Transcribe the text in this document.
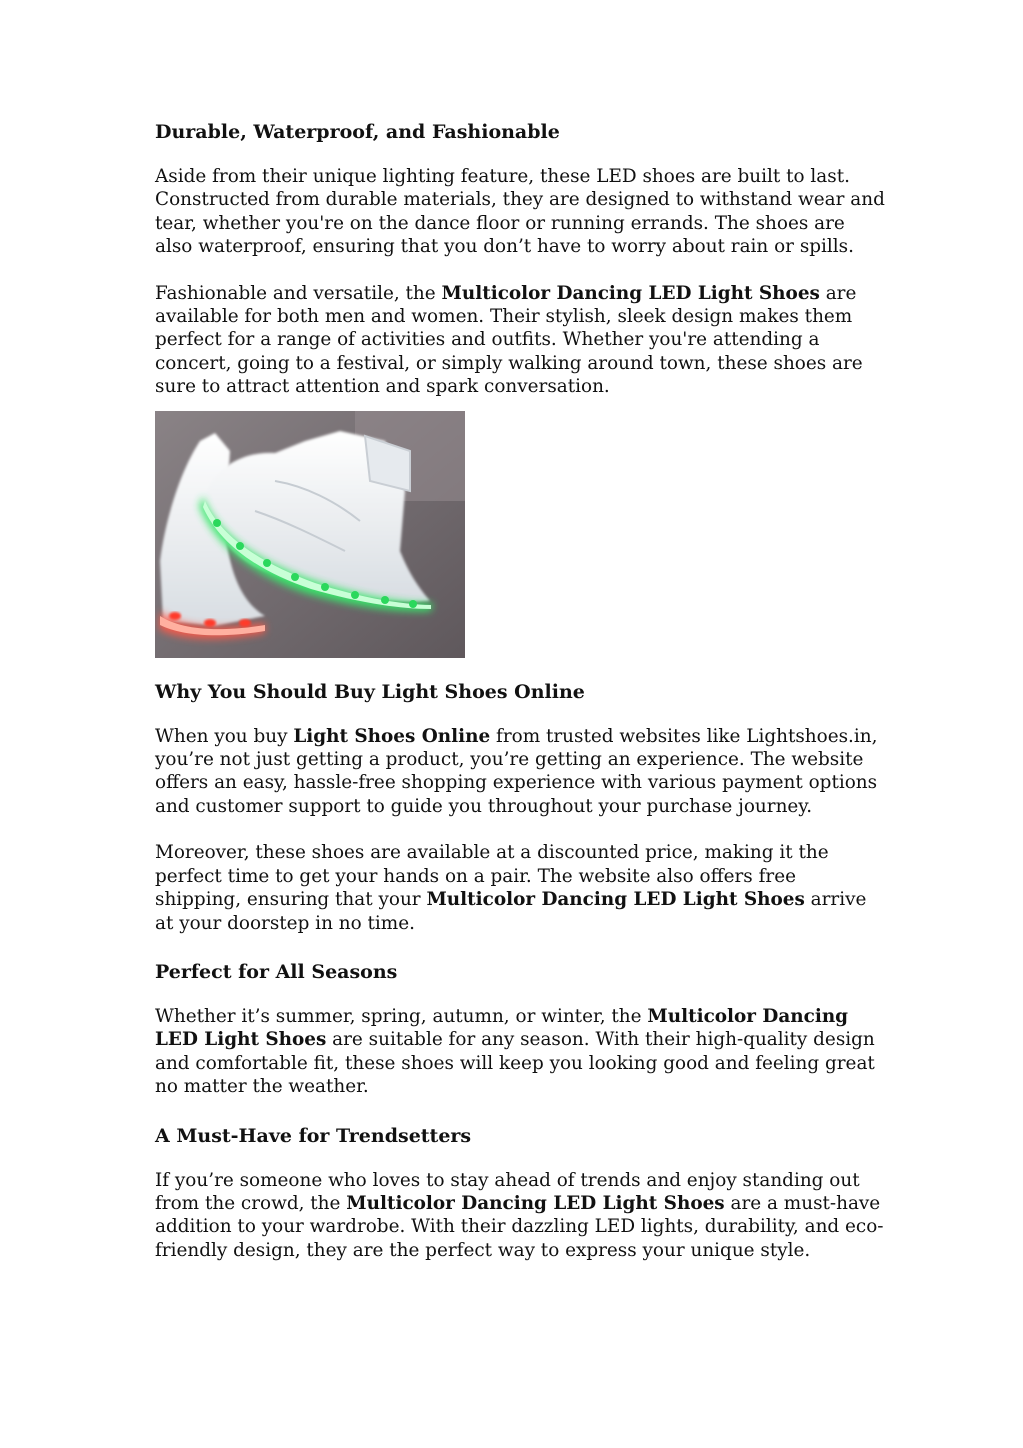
Durable, Waterproof, and Fashionable

Aside from their unique lighting feature, these LED shoes are built to last. Constructed from durable materials, they are designed to withstand wear and tear, whether you're on the dance floor or running errands. The shoes are also waterproof, ensuring that you don’t have to worry about rain or spills.

Fashionable and versatile, the Multicolor Dancing LED Light Shoes are available for both men and women. Their stylish, sleek design makes them perfect for a range of activities and outfits. Whether you're attending a concert, going to a festival, or simply walking around town, these shoes are sure to attract attention and spark conversation.

Why You Should Buy Light Shoes Online

When you buy Light Shoes Online from trusted websites like Lightshoes.in, you’re not just getting a product, you’re getting an experience. The website offers an easy, hassle-free shopping experience with various payment options and customer support to guide you throughout your purchase journey.

Moreover, these shoes are available at a discounted price, making it the perfect time to get your hands on a pair. The website also offers free shipping, ensuring that your Multicolor Dancing LED Light Shoes arrive at your doorstep in no time.

Perfect for All Seasons

Whether it’s summer, spring, autumn, or winter, the Multicolor Dancing LED Light Shoes are suitable for any season. With their high-quality design and comfortable fit, these shoes will keep you looking good and feeling great no matter the weather.

A Must-Have for Trendsetters

If you’re someone who loves to stay ahead of trends and enjoy standing out from the crowd, the Multicolor Dancing LED Light Shoes are a must-have addition to your wardrobe. With their dazzling LED lights, durability, and eco-friendly design, they are the perfect way to express your unique style.
